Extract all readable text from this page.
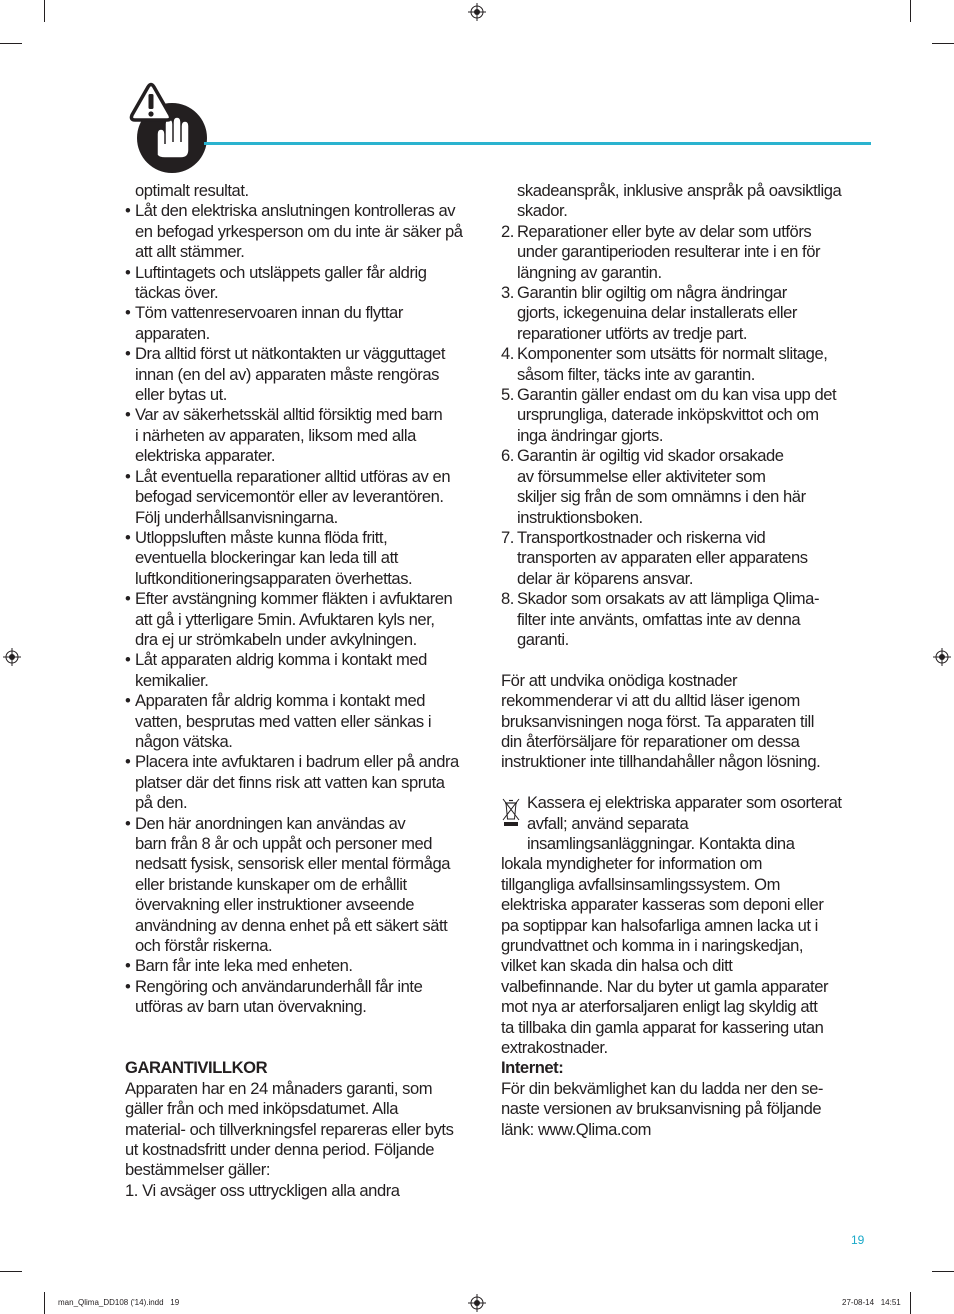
optimalt resultat.

• Låt den elektriska anslutningen kontrolleras av
en befogad yrkesperson om du inte är säker på
att allt stämmer.
• Luftintagets och utsläppets galler får aldrig
täckas över.
• Töm vattenreservoaren innan du flyttar
apparaten.
• Dra alltid först ut nätkontakten ur vägguttaget
innan (en del av) apparaten måste rengöras
eller bytas ut.
• Var av säkerhetsskäl alltid försiktig med barn
i närheten av apparaten, liksom med alla
elektriska apparater.
• Låt eventuella reparationer alltid utföras av en
befogad servicemontör eller av leverantören.
Följ underhållsanvisningarna.
• Utloppsluften måste kunna flöda fritt,
eventuella blockeringar kan leda till att
luftkonditioneringsapparaten överhettas.
• Efter avstängning kommer fläkten i avfuktaren
att gå i ytterligare 5min. Avfuktaren kyls ner,
dra ej ur strömkabeln under avkylningen.
• Låt apparaten aldrig komma i kontakt med
kemikalier.
• Apparaten får aldrig komma i kontakt med
vatten, besprutas med vatten eller sänkas i
någon vätska.
• Placera inte avfuktaren i badrum eller på andra
platser där det finns risk att vatten kan spruta
på den.
• Den här anordningen kan användas av
barn från 8 år och uppåt och personer med
nedsatt fysisk, sensorisk eller mental förmåga
eller bristande kunskaper om de erhållit
övervakning eller instruktioner avseende
användning av denna enhet på ett säkert sätt
och förstår riskerna.
• Barn får inte leka med enheten.
• Rengöring och användarunderhåll får inte
utföras av barn utan övervakning.

GARANTIVILLKOR

Apparaten har en 24 månaders garanti, som
gäller från och med inköpsdatumet. Alla
material- och tillverkningsfel repareras eller byts
ut kostnadsfritt under denna period. Följande
bestämmelser gäller:

1. Vi avsäger oss uttryckligen alla andra

skadeanspråk, inklusive anspråk på oavsiktliga
skador.
2. Reparationer eller byte av delar som utförs
under garantiperioden resulterar inte i en för
längning av garantin.
3. Garantin blir ogiltig om några ändringar
gjorts, ickegenuina delar installerats eller
reparationer utförts av tredje part.
4. Komponenter som utsätts för normalt slitage,
såsom filter, täcks inte av garantin.
5. Garantin gäller endast om du kan visa upp det
ursprungliga, daterade inköpskvittot och om
inga ändringar gjorts.
6. Garantin är ogiltig vid skador orsakade
av försummelse eller aktiviteter som
skiljer sig från de som omnämns i den här
instruktionsboken.
7. Transportkostnader och riskerna vid
transporten av apparaten eller apparatens
delar är köparens ansvar.
8. Skador som orsakats av att lämpliga Qlima-
filter inte använts, omfattas inte av denna
garanti.
För att undvika onödiga kostnader
rekommenderar vi att du alltid läser igenom
bruksanvisningen noga först. Ta apparaten till
din återförsäljare för reparationer om dessa
instruktioner inte tillhandahåller någon lösning.
Kassera ej elektriska apparater som osorterat
avfall; använd separata
insamlingsanläggningar. Kontakta dina
lokala myndigheter for information om
tillgangliga avfallsinsamlingssystem. Om
elektriska apparater kasseras som deponi eller
pa soptippar kan halsofarliga amnen lacka ut i
grundvattnet och komma in i naringskedjan,
vilket kan skada din halsa och ditt
valbefinnande. Nar du byter ut gamla apparater
mot nya ar aterforsaljaren enligt lag skyldig att
ta tillbaka din gamla apparat for kassering utan
extrakostnader.

Internet:

För din bekvämlighet kan du ladda ner den se-
naste versionen av bruksanvisning på följande
länk: www.Qlima.com
19
man_Qlima_DD108 ('14).indd   19	27-08-14   14:51
